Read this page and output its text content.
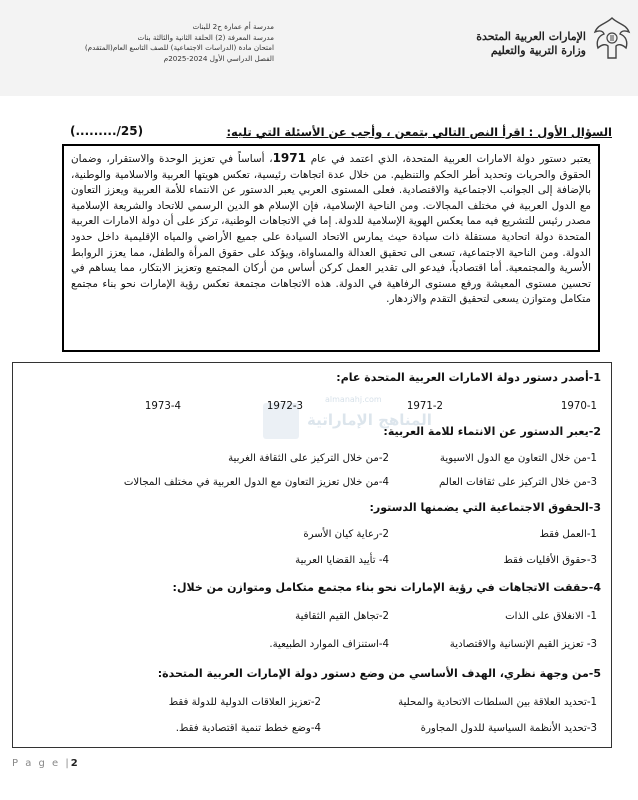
الإمارات العربية المتحدة
وزارة التربية والتعليم
مدرسة أم عمارة ح2 للبنات
مدرسة المعرفة (2) الحلقة الثانية والثالثة بنات
امتحان مادة (الدراسات الاجتماعية) للصف التاسع العام(المتقدم)
الفصل الدراسي الأول 2024-2025م
السؤال الأول : اقرأ النص التالي بتمعن ، وأجب عن الأسئلة التي تليه:
(........./25)
يعتبر دستور دولة الامارات العربية المتحدة، الذي اعتمد في عام 1971، أساساً في تعزيز الوحدة والاستقرار، وضمان الحقوق والحريات وتحديد أطر الحكم والتنظيم. من خلال عدة اتجاهات رئيسية، تعكس هويتها العربية والاسلامية والوطنية، بالإضافة إلى الجوانب الاجتماعية والاقتصادية. فعلى المستوى العربي يعبر الدستور عن الانتماء للأمة العربية ويعزز التعاون مع الدول العربية في مختلف المجالات. ومن الناحية الإسلامية، فإن الإسلام هو الدين الرسمي للاتحاد والشريعة الإسلامية مصدر رئيس للتشريع فيه مما يعكس الهوية الإسلامية للدولة. إما في الاتجاهات الوطنية، تركز على أن دولة الامارات العربية المتحدة دولة اتحادية مستقلة ذات سيادة حيث يمارس الاتحاد السيادة على جميع الأراضي والمياه الإقليمية داخل حدود الدولة. ومن الناحية الاجتماعية، تسعى الى تحقيق العدالة والمساواة، ويؤكد على حقوق المرأة والطفل، مما يعزز الروابط الأسرية والمجتمعية. أما اقتصادياً، فيدعو الى تقدير العمل كركن أساس من أركان المجتمع وتعزيز الابتكار، مما يساهم في تحسين مستوى المعيشة ورفع مستوى الرفاهية في الدولة. هذه الاتجاهات مجتمعة تعكس رؤية الإمارات نحو بناء مجتمع متكامل ومتوازن يسعى لتحقيق التقدم والازدهار.
almanahj.com
المناهج الإماراتية
1-أصدر دستور دولة الامارات العربية المتحدة عام:
1970-1
1971-2
1972-3
1973-4
2-يعبر الدستور عن الانتماء للامة العربية:
1-من خلال التعاون مع الدول الاسيوية
2-من خلال التركيز على الثقافة الغربية
3-من خلال التركيز على ثقافات العالم
4-من خلال تعزيز التعاون مع الدول العربية في مختلف المجالات
3-الحقوق الاجتماعية التي يضمنها الدستور:
1-العمل فقط
2-رعاية كيان الأسرة
3-حقوق الأقليات فقط
4- تأييد القضايا العربية
4-حققت الاتجاهات في رؤية الإمارات نحو بناء مجتمع متكامل ومتوازن من خلال:
1- الانغلاق على الذات
2-تجاهل القيم الثقافية
3- تعزيز القيم الإنسانية والاقتصادية
4-استنزاف الموارد الطبيعية.
5-من وجهة نظري، الهدف الأساسي من وضع دستور دولة الإمارات العربية المتحدة:
1-تحديد العلاقة بين السلطات الاتحادية والمحلية
2-تعزيز العلاقات الدولية للدولة فقط
3-تحديد الأنظمة السياسية للدول المجاورة
4-وضع خطط تنمية اقتصادية فقط.
P a g e |2
